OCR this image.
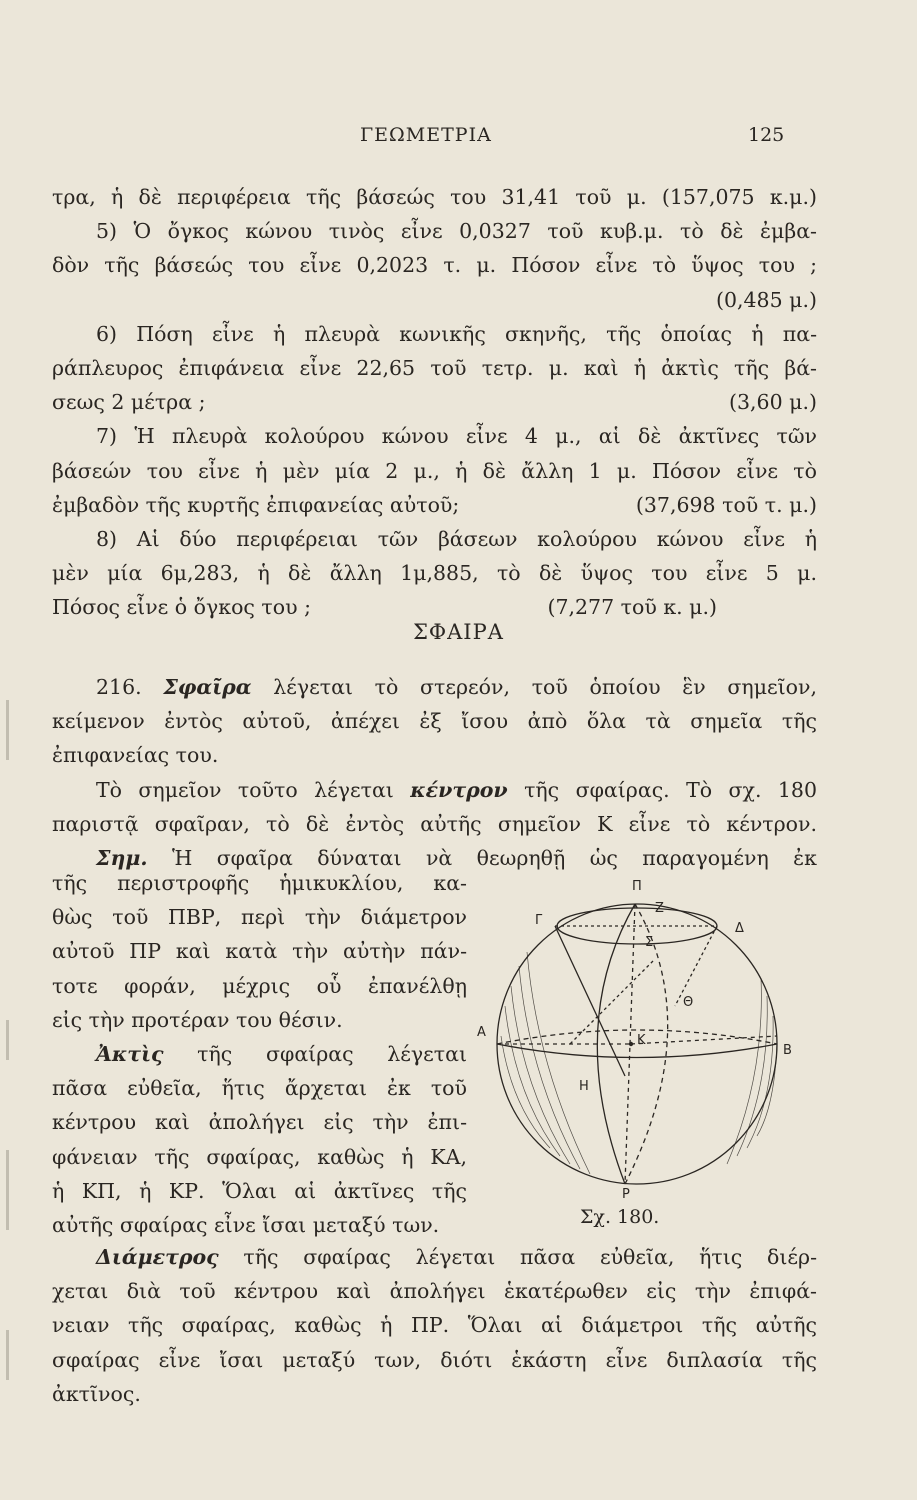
ΓΕΩΜΕΤΡΙΑ	125
τρα, ἡ δὲ περιφέρεια τῆς βάσεώς του 31,41 τοῦ μ. (157,075 κ.μ.)
5) Ὁ ὄγκος κώνου τινὸς εἶνε 0,0327 τοῦ κυβ.μ. τὸ δὲ ἐμβα-
δὸν τῆς βάσεώς του εἶνε 0,2023 τ. μ. Πόσον εἶνε τὸ ὕψος του ;
(0,485 μ.)
6) Πόση εἶνε ἡ πλευρὰ κωνικῆς σκηνῆς, τῆς ὁποίας ἡ πα-
ράπλευρος ἐπιφάνεια εἶνε 22,65 τοῦ τετρ. μ. καὶ ἡ ἀκτὶς τῆς βά-
σεως 2 μέτρα ;	(3,60 μ.)
7) Ἡ πλευρὰ κολούρου κώνου εἶνε 4 μ., αἱ δὲ ἀκτῖνες τῶν
βάσεών του εἶνε ἡ μὲν μία 2 μ., ἡ δὲ ἄλλη 1 μ. Πόσον εἶνε τὸ
ἐμβαδὸν τῆς κυρτῆς ἐπιφανείας αὐτοῦ;	(37,698 τοῦ τ. μ.)
8) Αἱ δύο περιφέρειαι τῶν βάσεων κολούρου κώνου εἶνε ἡ
μὲν μία 6μ,283, ἡ δὲ ἄλλη 1μ,885, τὸ δὲ ὕψος του εἶνε 5 μ.
Πόσος εἶνε ὁ ὄγκος του ;	(7,277 τοῦ κ. μ.)
ΣΦΑΙΡΑ
216. Σφαῖρα λέγεται τὸ στερεόν, τοῦ ὁποίου ἓν σημεῖον,
κείμενον ἐντὸς αὐτοῦ, ἀπέχει ἐξ ἴσου ἀπὸ ὅλα τὰ σημεῖα τῆς
ἐπιφανείας του.
Τὸ σημεῖον τοῦτο λέγεται κέντρον τῆς σφαίρας. Τὸ σχ. 180
παριστᾷ σφαῖραν, τὸ δὲ ἐντὸς αὐτῆς σημεῖον Κ εἶνε τὸ κέντρον.
Σημ. Ἡ σφαῖρα δύναται νὰ θεωρηθῇ ὡς παραγομένη ἐκ
τῆς περιστροφῆς ἡμικυκλίου, κα-
θὼς τοῦ ΠΒΡ, περὶ τὴν διάμετρον
αὐτοῦ ΠΡ καὶ κατὰ τὴν αὐτὴν πάν-
τοτε φοράν, μέχρις οὗ ἐπανέλθῃ
εἰς τὴν προτέραν του θέσιν.
Ἀκτὶς τῆς σφαίρας λέγεται
πᾶσα εὐθεῖα, ἥτις ἄρχεται ἐκ τοῦ
κέντρου καὶ ἀπολήγει εἰς τὴν ἐπι-
φάνειαν τῆς σφαίρας, καθὼς ἡ ΚΑ,
ἡ ΚΠ, ἡ ΚΡ. Ὅλαι αἱ ἀκτῖνες τῆς
αὐτῆς σφαίρας εἶνε ἴσαι μεταξύ των.
Π
Γ
Δ
Ζ
Σ
Α
Β
Θ
Κ
Η
Ρ
Σχ. 180.
Διάμετρος τῆς σφαίρας λέγεται πᾶσα εὐθεῖα, ἥτις διέρ-
χεται διὰ τοῦ κέντρου καὶ ἀπολήγει ἑκατέρωθεν εἰς τὴν ἐπιφά-
νειαν τῆς σφαίρας, καθὼς ἡ ΠΡ. Ὅλαι αἱ διάμετροι τῆς αὐτῆς
σφαίρας εἶνε ἴσαι μεταξύ των, διότι ἑκάστη εἶνε διπλασία τῆς
ἀκτῖνος.
